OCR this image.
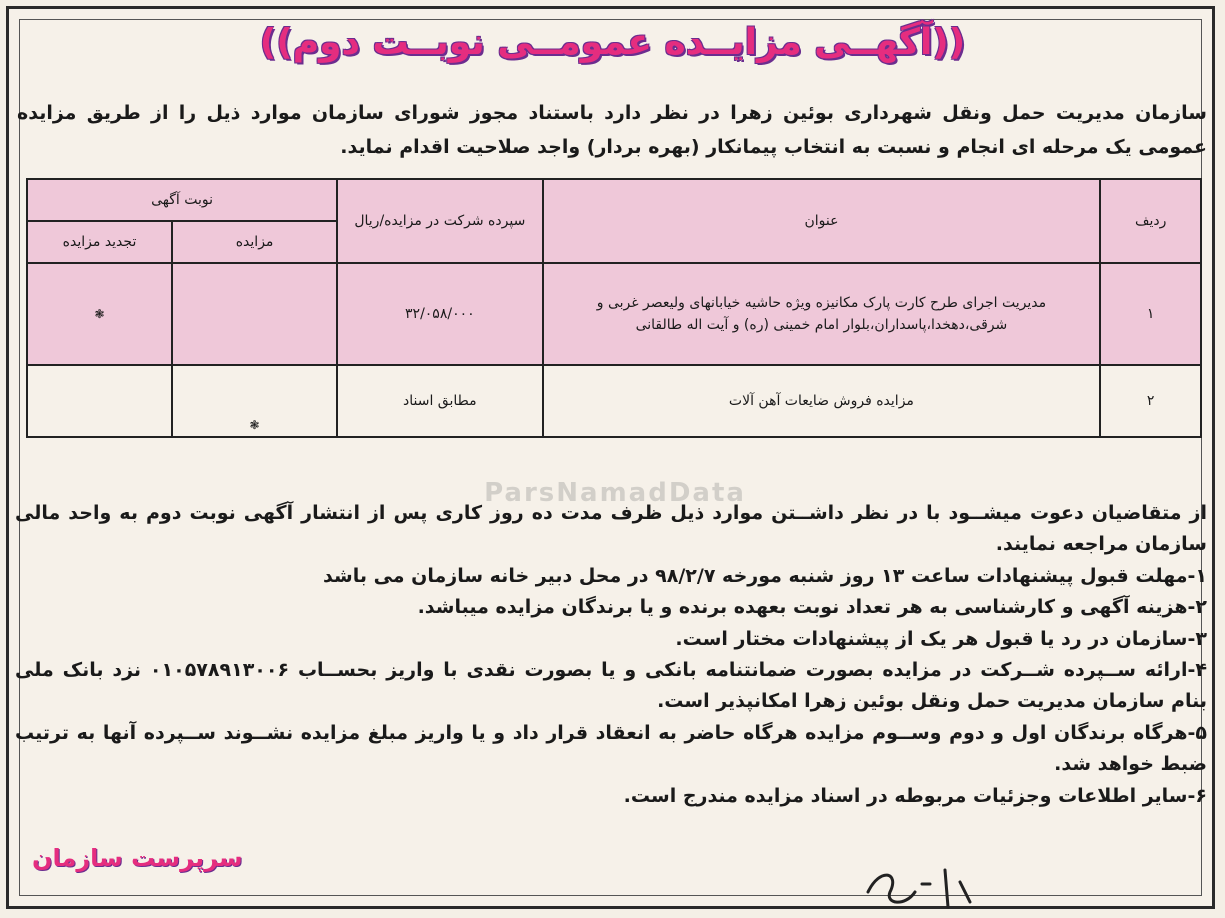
((آگهــی مزایــده عمومــی نوبــت دوم))
سازمان مدیریت حمل ونقل شهرداری بوئین زهرا در نظر دارد باستناد مجوز شورای سازمان موارد ذیل را از طریق مزایده عمومی یک مرحله ای انجام و نسبت به انتخاب پیمانکار (بهره بردار) واجد صلاحیت اقدام نماید.
ردیف	عنوان	سپرده شرکت در مزایده/ریال	نوبت آگهی	
			مزایده	تجدید مزایده
۱	مدیریت اجرای طرح کارت پارک مکانیزه ویژه حاشیه خیابانهای ولیعصر غربی و شرقی،دهخدا،پاسداران،بلوار امام خمینی (ره) و آیت اله طالقانی	۳۲/۰۵۸/۰۰۰		❃
۲	مزایده فروش ضایعات آهن آلات	مطابق اسناد	❃	
ParsNamadData

از متقاضیان دعوت میشــود با در نظر داشــتن موارد ذیل ظرف مدت ده روز کاری پس از انتشار آگهی نوبت دوم به واحد مالی سازمان مراجعه نمایند.

۱-مهلت قبول پیشنهادات ساعت ۱۳ روز شنبه مورخه ۹۸/۲/۷ در محل دبیر خانه سازمان می باشد

۲-هزینه آگهی و کارشناسی به هر تعداد نوبت بعهده برنده و یا برندگان مزایده میباشد.

۳-سازمان در رد یا قبول هر یک از پیشنهادات مختار است.

۴-ارائه ســپرده شــرکت در مزایده بصورت ضمانتنامه بانکی و یا بصورت نقدی با واریز بحســاب ۰۱۰۵۷۸۹۱۳۰۰۶ نزد بانک ملی بنام سازمان مدیریت حمل ونقل بوئین زهرا امکانپذیر است.

۵-هرگاه برندگان اول و دوم وســوم مزایده هرگاه حاضر به انعقاد قرار داد و یا واریز مبلغ مزایده نشــوند ســپرده آنها به ترتیب ضبط خواهد شد.

۶-سایر اطلاعات وجزئیات مربوطه در اسناد مزایده مندرج است.

سرپرست سازمان
